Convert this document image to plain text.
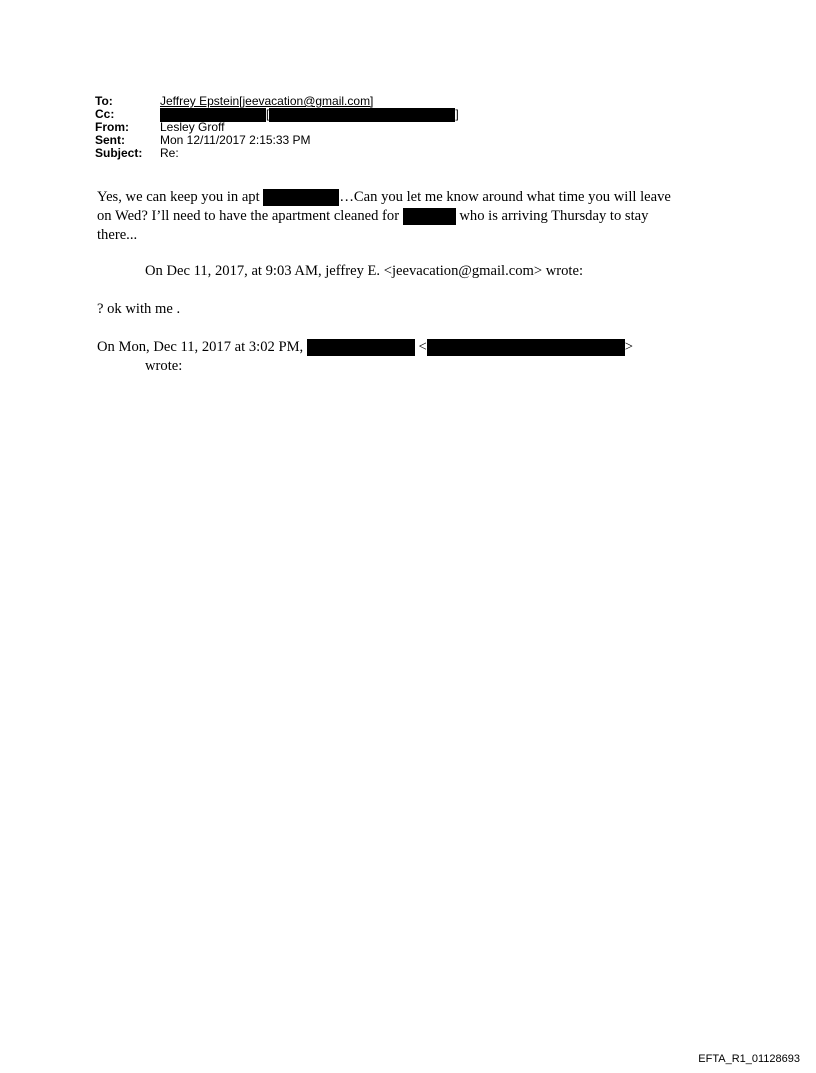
To:	Jeffrey Epstein[jeevacation@gmail.com]
Cc:	[	]
From:	Lesley Groff
Sent:	Mon 12/11/2017 2:15:33 PM
Subject: Re:
Yes, we can keep you in apt	…Can you let me know around what time you will leave
on Wed? I’ll need to have the apartment cleaned for	who is arriving Thursday to stay
there...
On Dec 11, 2017, at 9:03 AM, jeffrey E. <jeevacation@gmail.com> wrote:
? ok with me .
On Mon, Dec 11, 2017 at 3:02 PM,	<	>
wrote:
EFTA_R1_01128693
